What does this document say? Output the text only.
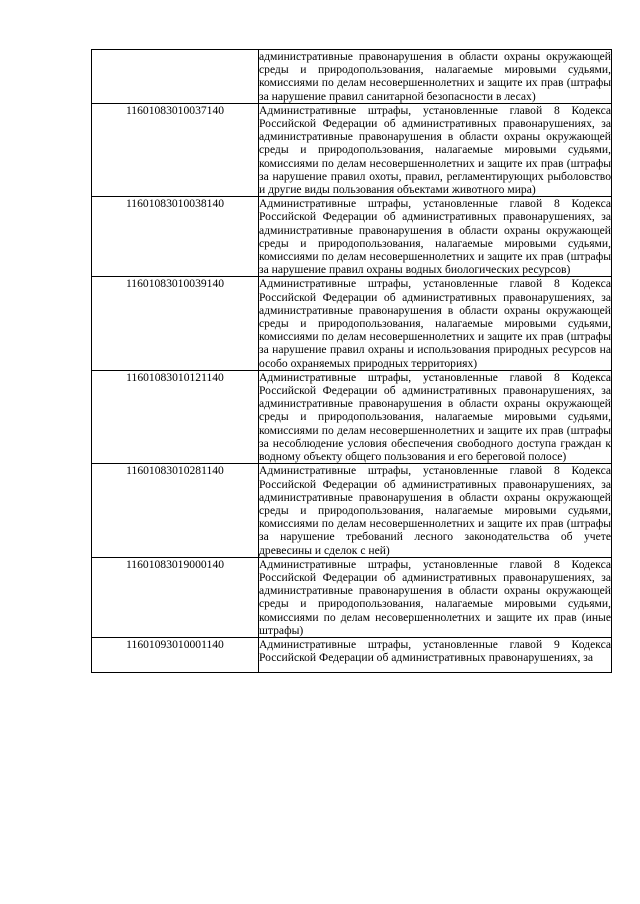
	административные правонарушения в области охраны окружающей среды и природопользования, налагаемые мировыми судьями, комиссиями по делам несовершеннолетних и защите их прав (штрафы за нарушение правил санитарной безопасности в лесах)
11601083010037140	Административные штрафы, установленные главой 8 Кодекса Российской Федерации об административных правонарушениях, за административные правонарушения в области охраны окружающей среды и природопользования, налагаемые мировыми судьями, комиссиями по делам несовершеннолетних и защите их прав (штрафы за нарушение правил охоты, правил, регламентирующих рыболовство и другие виды пользования объектами животного мира)
11601083010038140	Административные штрафы, установленные главой 8 Кодекса Российской Федерации об административных правонарушениях, за административные правонарушения в области охраны окружающей среды и природопользования, налагаемые мировыми судьями, комиссиями по делам несовершеннолетних и защите их прав (штрафы за нарушение правил охраны водных биологических ресурсов)
11601083010039140	Административные штрафы, установленные главой 8 Кодекса Российской Федерации об административных правонарушениях, за административные правонарушения в области охраны окружающей среды и природопользования, налагаемые мировыми судьями, комиссиями по делам несовершеннолетних и защите их прав (штрафы за нарушение правил охраны и использования природных ресурсов на особо охраняемых природных территориях)
11601083010121140	Административные штрафы, установленные главой 8 Кодекса Российской Федерации об административных правонарушениях, за административные правонарушения в области охраны окружающей среды и природопользования, налагаемые мировыми судьями, комиссиями по делам несовершеннолетних и защите их прав (штрафы за несоблюдение условия обеспечения свободного доступа граждан к водному объекту общего пользования и его береговой полосе)
11601083010281140	Административные штрафы, установленные главой 8 Кодекса Российской Федерации об административных правонарушениях, за административные правонарушения в области охраны окружающей среды и природопользования, налагаемые мировыми судьями, комиссиями по делам несовершеннолетних и защите их прав (штрафы за нарушение требований лесного законодательства об учете древесины и сделок с ней)
11601083019000140	Административные штрафы, установленные главой 8 Кодекса Российской Федерации об административных правонарушениях, за административные правонарушения в области охраны окружающей среды и природопользования, налагаемые мировыми судьями, комиссиями по делам несовершеннолетних и защите их прав (иные штрафы)
11601093010001140	Административные штрафы, установленные главой 9 Кодекса Российской Федерации об административных правонарушениях, за
